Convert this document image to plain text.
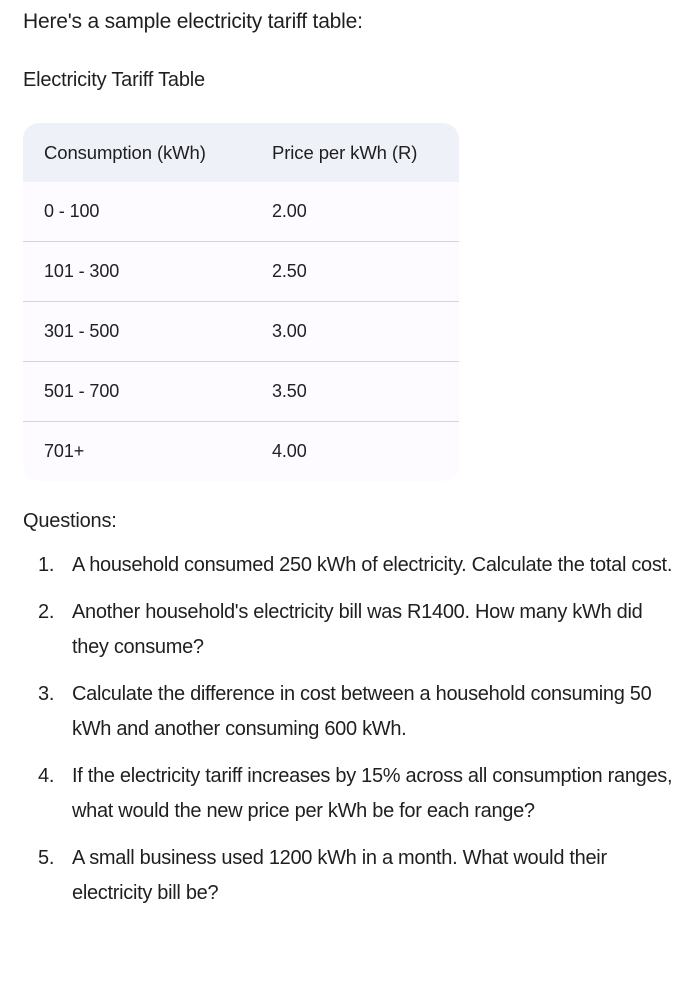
Here's a sample electricity tariff table:
Electricity Tariff Table
Consumption (kWh)	Price per kWh (R)
0 - 100	2.00
101 - 300	2.50
301 - 500	3.00
501 - 700	3.50
701+	4.00
Questions:
1. A household consumed 250 kWh of electricity. Calculate the total cost.
2. Another household's electricity bill was R1400. How many kWh did they consume?
3. Calculate the difference in cost between a household consuming 50 kWh and another consuming 600 kWh.
4. If the electricity tariff increases by 15% across all consumption ranges, what would the new price per kWh be for each range?
5. A small business used 1200 kWh in a month. What would their electricity bill be?
